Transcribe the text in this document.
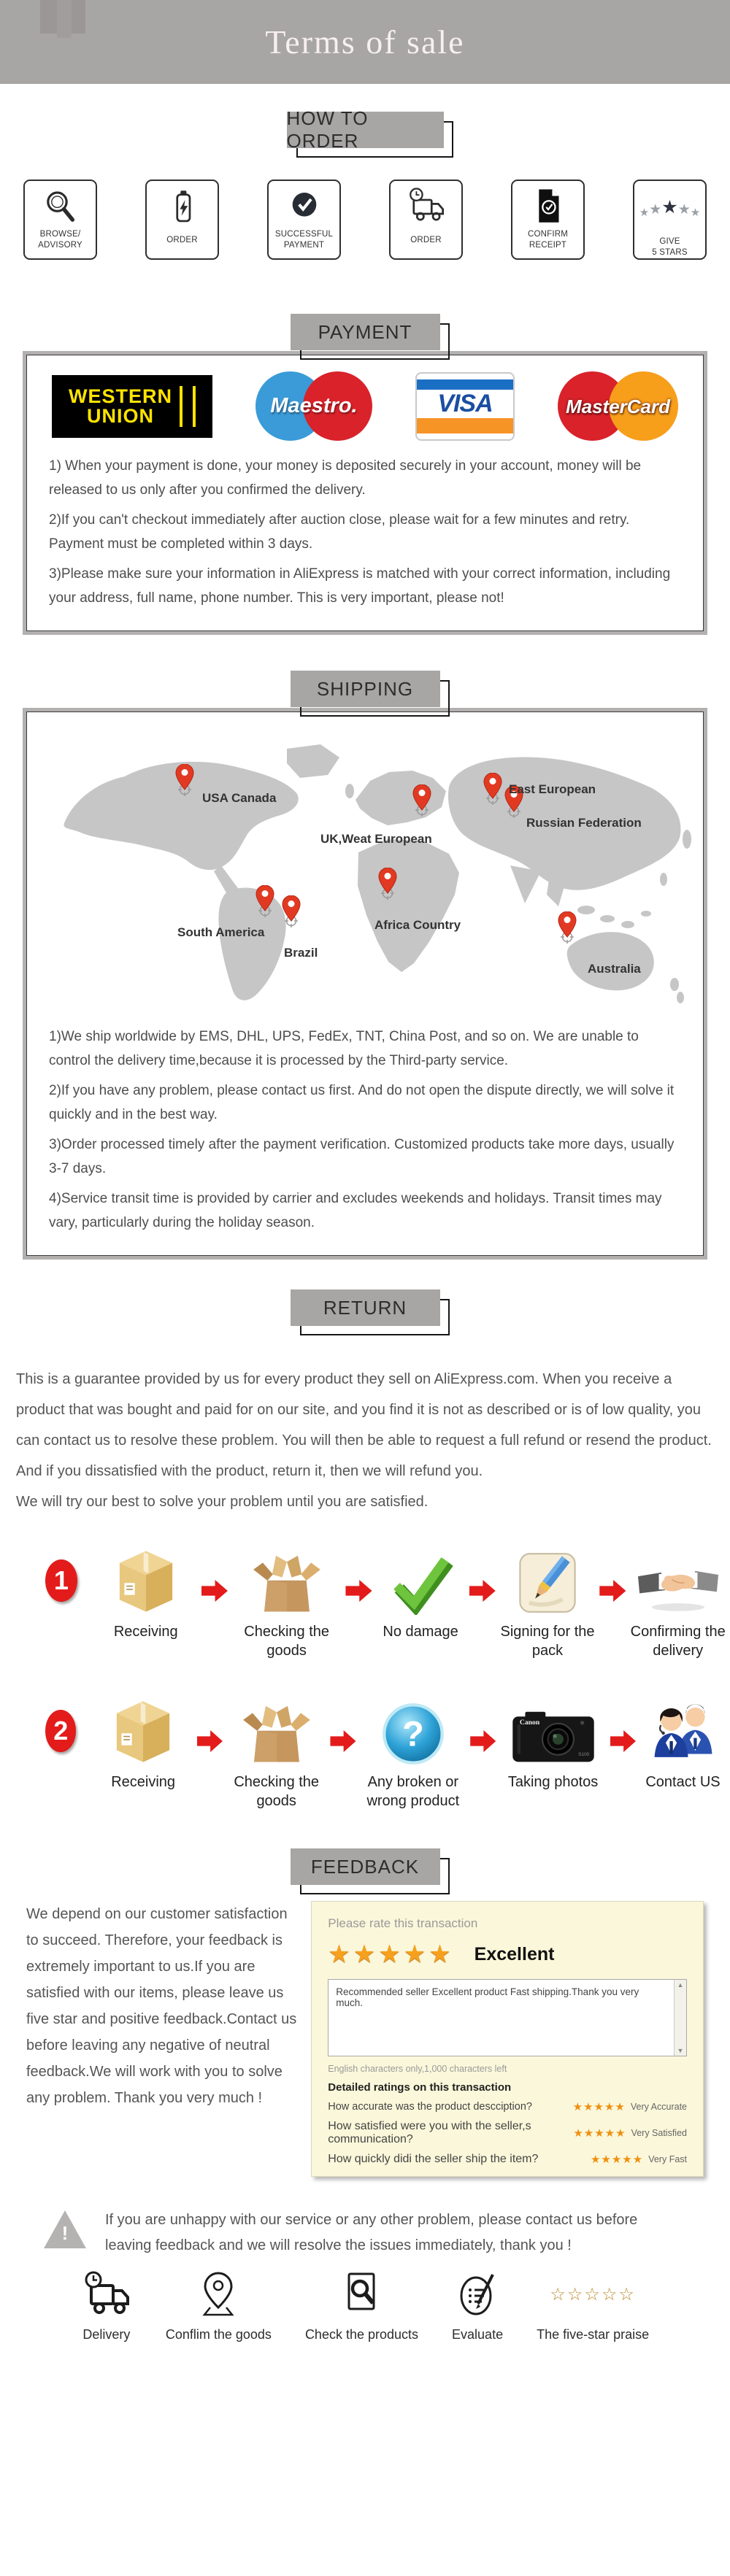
Terms of sale
HOW TO ORDER
BROWSE/
ADVISORY
ORDER
SUCCESSFUL
PAYMENT
ORDER
CONFIRM
RECEIPT
★ ★ ★ ★ ★
GIVE
5 STARS
PAYMENT
WESTERN
UNION	Maestro.	VISA	MasterCard

1) When your payment is done, your money is deposited securely in your account, money will be released to us only after you confirmed the delivery.

2)If you can't checkout immediately after auction close, please wait for a few minutes and retry. Payment must be completed within 3 days.

3)Please make sure your information in AliExpress is matched with your correct information, including your address, full name, phone number. This is very important, please not!

SHIPPING
USA Canada
UK,Weat European
East European
Russian Federation
Africa Country
South America
Brazil
Australia

1)We ship worldwide by EMS, DHL, UPS, FedEx, TNT, China Post, and so on. We are unable to control the delivery time,because it is processed by the Third-party service.

2)If you have any problem, please contact us first. And do not open the dispute directly, we will solve it quickly and in the best way.

3)Order processed timely after the payment verification. Customized products take more days, usually 3-7 days.

4)Service transit time is provided by carrier and excludes weekends and holidays. Transit times may vary, particularly during the holiday season.

RETURN
This is a guarantee provided by us for every product they sell on AliExpress.com. When you receive a product that was bought and paid for on our site, and you find it is not as described or is of low quality, you can contact us to resolve these problem. You will then be able to request a full refund or resend the product. And if you dissatisfied with the product, return it, then we will refund you.
We will try our best to solve your problem until you are satisfied.
1
Receiving	Checking the goods
No damage	Signing for the pack
Confirming the delivery
2
Receiving	Checking the goods
?
Any broken or wrong product
Canon
S100
Taking photos	Contact US
FEEDBACK
We depend on our customer satisfaction to succeed. Therefore, your feedback is extremely important to us.If you are satisfied with our items, please leave us five star and positive feedback.Contact us before leaving any negative of neutral feedback.We will work with you to solve any problem. Thank you very much !
Please rate this transaction
★★★★★ Excellent
Recommended seller Excellent product Fast shipping.Thank you very much.
▲
▼
English characters only,1,000 characters left
Detailed ratings on this transaction
How accurate was the product descciption?	★★★★★ Very Accurate
How satisfied were you with the seller,s communication?	★★★★★ Very Satisfied
How quickly didi the seller ship the item?	★★★★★ Very Fast
!
If you are unhappy with our service or any other problem, please contact us before leaving feedback and we will resolve the issues immediately, thank you !
Delivery	Conflim the goods	Check the products	Evaluate
☆☆☆☆☆
The five-star praise
